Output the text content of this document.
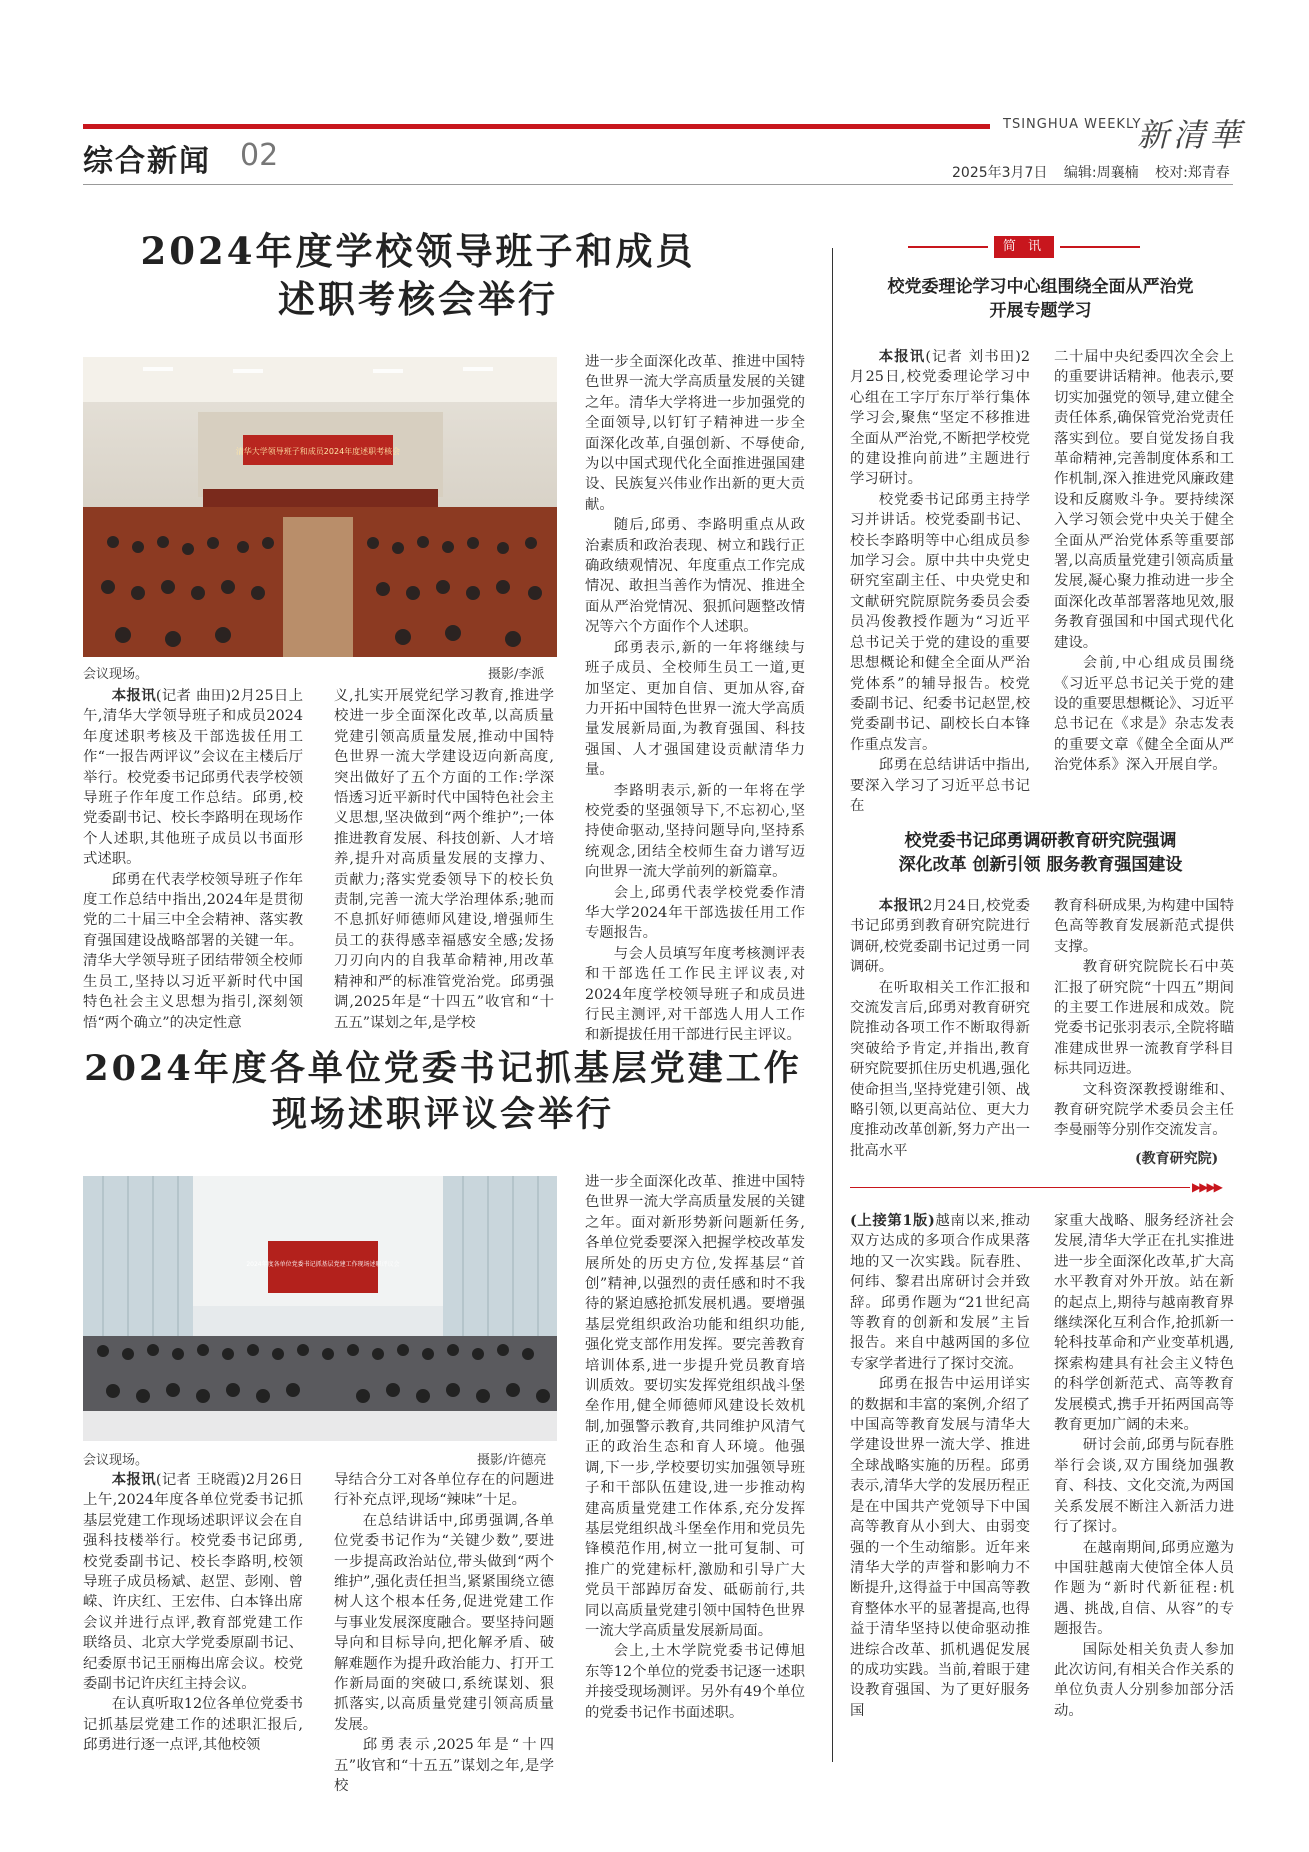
TSINGHUA WEEKLY
新清華
综合新闻 02	2025年3月7日 编辑:周襄楠 校对:郑青春
2024年度学校领导班子和成员
述职考核会举行
清华大学领导班子和成员2024年度述职考核会
会议现场。	摄影/李派

本报讯(记者 曲田)2月25日上午,清华大学领导班子和成员2024年度述职考核及干部选拔任用工作“一报告两评议”会议在主楼后厅举行。校党委书记邱勇代表学校领导班子作年度工作总结。邱勇,校党委副书记、校长李路明在现场作个人述职,其他班子成员以书面形式述职。

邱勇在代表学校领导班子作年度工作总结中指出,2024年是贯彻党的二十届三中全会精神、落实教育强国建设战略部署的关键一年。清华大学领导班子团结带领全校师生员工,坚持以习近平新时代中国特色社会主义思想为指引,深刻领悟“两个确立”的决定性意

义,扎实开展党纪学习教育,推进学校进一步全面深化改革,以高质量党建引领高质量发展,推动中国特色世界一流大学建设迈向新高度,突出做好了五个方面的工作:学深悟透习近平新时代中国特色社会主义思想,坚决做到“两个维护”;一体推进教育发展、科技创新、人才培养,提升对高质量发展的支撑力、贡献力;落实党委领导下的校长负责制,完善一流大学治理体系;驰而不息抓好师德师风建设,增强师生员工的获得感幸福感安全感;发扬刀刃向内的自我革命精神,用改革精神和严的标准管党治党。邱勇强调,2025年是“十四五”收官和“十五五”谋划之年,是学校

进一步全面深化改革、推进中国特色世界一流大学高质量发展的关键之年。清华大学将进一步加强党的全面领导,以钉钉子精神进一步全面深化改革,自强创新、不辱使命,为以中国式现代化全面推进强国建设、民族复兴伟业作出新的更大贡献。

随后,邱勇、李路明重点从政治素质和政治表现、树立和践行正确政绩观情况、年度重点工作完成情况、敢担当善作为情况、推进全面从严治党情况、狠抓问题整改情况等六个方面作个人述职。

邱勇表示,新的一年将继续与班子成员、全校师生员工一道,更加坚定、更加自信、更加从容,奋力开拓中国特色世界一流大学高质量发展新局面,为教育强国、科技强国、人才强国建设贡献清华力量。

李路明表示,新的一年将在学校党委的坚强领导下,不忘初心,坚持使命驱动,坚持问题导向,坚持系统观念,团结全校师生奋力谱写迈向世界一流大学前列的新篇章。

会上,邱勇代表学校党委作清华大学2024年干部选拔任用工作专题报告。

与会人员填写年度考核测评表和干部选任工作民主评议表,对2024年度学校领导班子和成员进行民主测评,对干部选人用人工作和新提拔任用干部进行民主评议。

2024年度各单位党委书记抓基层党建工作
现场述职评议会举行
2024年度各单位党委书记抓基层党建工作现场述职评议会
会议现场。	摄影/许德亮

本报讯(记者 王晓霞)2月26日上午,2024年度各单位党委书记抓基层党建工作现场述职评议会在自强科技楼举行。校党委书记邱勇,校党委副书记、校长李路明,校领导班子成员杨斌、赵罡、彭刚、曾嵘、许庆红、王宏伟、白本锋出席会议并进行点评,教育部党建工作联络员、北京大学党委原副书记、纪委原书记王丽梅出席会议。校党委副书记许庆红主持会议。

在认真听取12位各单位党委书记抓基层党建工作的述职汇报后,邱勇进行逐一点评,其他校领

导结合分工对各单位存在的问题进行补充点评,现场“辣味”十足。

在总结讲话中,邱勇强调,各单位党委书记作为“关键少数”,要进一步提高政治站位,带头做到“两个维护”,强化责任担当,紧紧围绕立德树人这个根本任务,促进党建工作与事业发展深度融合。要坚持问题导向和目标导向,把化解矛盾、破解难题作为提升政治能力、打开工作新局面的突破口,系统谋划、狠抓落实,以高质量党建引领高质量发展。

邱勇表示,2025年是“十四五”收官和“十五五”谋划之年,是学校

进一步全面深化改革、推进中国特色世界一流大学高质量发展的关键之年。面对新形势新问题新任务,各单位党委要深入把握学校改革发展所处的历史方位,发挥基层“首创”精神,以强烈的责任感和时不我待的紧迫感抢抓发展机遇。要增强基层党组织政治功能和组织功能,强化党支部作用发挥。要完善教育培训体系,进一步提升党员教育培训质效。要切实发挥党组织战斗堡垒作用,健全师德师风建设长效机制,加强警示教育,共同维护风清气正的政治生态和育人环境。他强调,下一步,学校要切实加强领导班子和干部队伍建设,进一步推动构建高质量党建工作体系,充分发挥基层党组织战斗堡垒作用和党员先锋模范作用,树立一批可复制、可推广的党建标杆,激励和引导广大党员干部踔厉奋发、砥砺前行,共同以高质量党建引领中国特色世界一流大学高质量发展新局面。

会上,土木学院党委书记傅旭东等12个单位的党委书记逐一述职并接受现场测评。另外有49个单位的党委书记作书面述职。

简 讯
校党委理论学习中心组围绕全面从严治党
开展专题学习

本报讯(记者 刘书田)2月25日,校党委理论学习中心组在工字厅东厅举行集体学习会,聚焦“坚定不移推进全面从严治党,不断把学校党的建设推向前进”主题进行学习研讨。

校党委书记邱勇主持学习并讲话。校党委副书记、校长李路明等中心组成员参加学习会。原中共中央党史研究室副主任、中央党史和文献研究院原院务委员会委员冯俊教授作题为“习近平总书记关于党的建设的重要思想概论和健全全面从严治党体系”的辅导报告。校党委副书记、纪委书记赵罡,校党委副书记、副校长白本锋作重点发言。

邱勇在总结讲话中指出,要深入学习了习近平总书记在

二十届中央纪委四次全会上的重要讲话精神。他表示,要切实加强党的领导,建立健全责任体系,确保管党治党责任落实到位。要自觉发扬自我革命精神,完善制度体系和工作机制,深入推进党风廉政建设和反腐败斗争。要持续深入学习领会党中央关于健全全面从严治党体系等重要部署,以高质量党建引领高质量发展,凝心聚力推动进一步全面深化改革部署落地见效,服务教育强国和中国式现代化建设。

会前,中心组成员围绕《习近平总书记关于党的建设的重要思想概论》、习近平总书记在《求是》杂志发表的重要文章《健全全面从严治党体系》深入开展自学。

校党委书记邱勇调研教育研究院强调
深化改革 创新引领 服务教育强国建设

本报讯2月24日,校党委书记邱勇到教育研究院进行调研,校党委副书记过勇一同调研。

在听取相关工作汇报和交流发言后,邱勇对教育研究院推动各项工作不断取得新突破给予肯定,并指出,教育研究院要抓住历史机遇,强化使命担当,坚持党建引领、战略引领,以更高站位、更大力度推动改革创新,努力产出一批高水平

教育科研成果,为构建中国特色高等教育发展新范式提供支撑。

教育研究院院长石中英汇报了研究院“十四五”期间的主要工作进展和成效。院党委书记张羽表示,全院将瞄准建成世界一流教育学科目标共同迈进。

文科资深教授谢维和、教育研究院学术委员会主任李曼丽等分别作交流发言。

(教育研究院)
▶▶▶▶

(上接第1版)越南以来,推动双方达成的多项合作成果落地的又一次实践。阮春胜、何纬、黎君出席研讨会并致辞。邱勇作题为“21世纪高等教育的创新和发展”主旨报告。来自中越两国的多位专家学者进行了探讨交流。

邱勇在报告中运用详实的数据和丰富的案例,介绍了中国高等教育发展与清华大学建设世界一流大学、推进全球战略实施的历程。邱勇表示,清华大学的发展历程正是在中国共产党领导下中国高等教育从小到大、由弱变强的一个生动缩影。近年来清华大学的声誉和影响力不断提升,这得益于中国高等教育整体水平的显著提高,也得益于清华坚持以使命驱动推进综合改革、抓机遇促发展的成功实践。当前,着眼于建设教育强国、为了更好服务国

家重大战略、服务经济社会发展,清华大学正在扎实推进进一步全面深化改革,扩大高水平教育对外开放。站在新的起点上,期待与越南教育界继续深化互利合作,抢抓新一轮科技革命和产业变革机遇,探索构建具有社会主义特色的科学创新范式、高等教育发展模式,携手开拓两国高等教育更加广阔的未来。

研讨会前,邱勇与阮春胜举行会谈,双方围绕加强教育、科技、文化交流,为两国关系发展不断注入新活力进行了探讨。

在越南期间,邱勇应邀为中国驻越南大使馆全体人员作题为“新时代新征程:机遇、挑战,自信、从容”的专题报告。

国际处相关负责人参加此次访问,有相关合作关系的单位负责人分别参加部分活动。
